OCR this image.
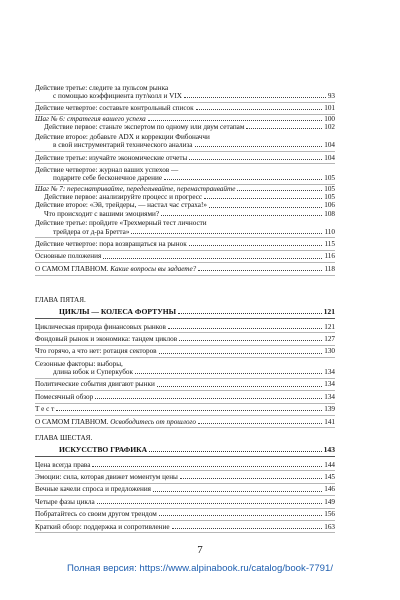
Действие третье: следите за пульсом рынка
с помощью коэффициента пут/колл и VIX	93
Действие четвертое: составьте контрольный список	101
Шаг № 6: стратегия вашего успеха	100
Действие первое: станьте экспертом по одному или двум сетапам	102
Действие второе: добавьте ADX и коррекции Фибоначчи
в свой инструментарий технического анализа	104
Действие третье: изучайте экономические отчеты	104
Действие четвертое: журнал ваших успехов —
подарите себе бесконечное дарение	105
Шаг № 7: пересматривайте, переделывайте, перенастраивайте	105
Действие первое: анализируйте процесс и прогресс	105
Действие второе: «Эй, трейдеры, — настал час страха!»	106
Что происходит с вашими эмоциями?	108
Действие третье: пройдите «Трехмерный тест личности
трейдера от д-ра Бретта»	110
Действие четвертое: пора возвращаться на рынок	115
Основные положения	116
О САМОМ ГЛАВНОМ. Какие вопросы вы задаете?	118
ГЛАВА ПЯТАЯ.
ЦИКЛЫ — КОЛЕСА ФОРТУНЫ	121
Циклическая природа финансовых рынков	121
Фондовый рынок и экономика: тандем циклов	127
Что горячо, а что нет: ротация секторов	130
Сезонные факторы: выборы,
длина юбок и Суперкубок	134
Политические события двигают рынки	134
Помесячный обзор	134
Т е с т	139
О САМОМ ГЛАВНОМ. Освободитесь от прошлого	141
ГЛАВА ШЕСТАЯ.
ИСКУССТВО ГРАФИКА	143
Цена всегда права	144
Эмоции: сила, которая движет моментум цены	145
Вечные качели спроса и предложения	146
Четыре фазы цикла	149
Побратайтесь со своим другом трендом	156
Краткий обзор: поддержка и сопротивление	163
7
Полная версия: https://www.alpinabook.ru/catalog/book-7791/
